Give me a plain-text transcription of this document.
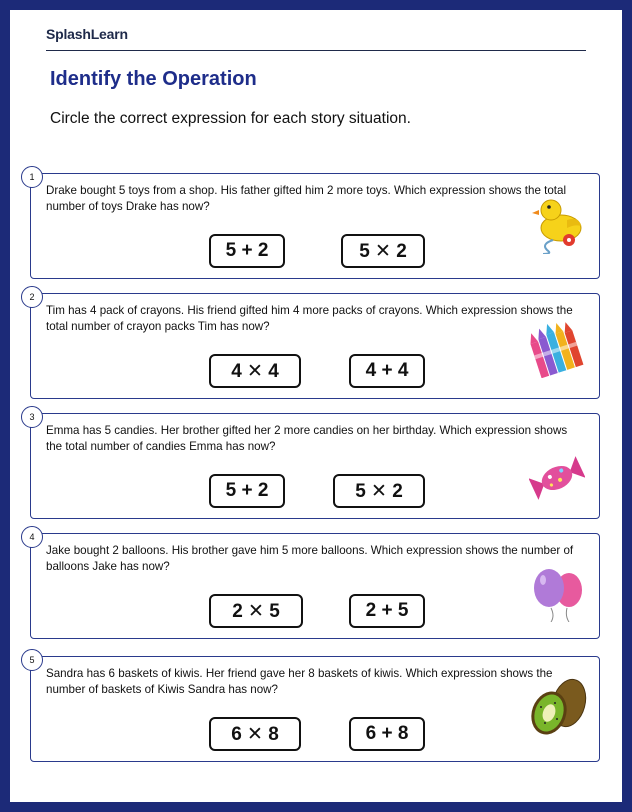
SplashLearn
Identify the Operation
Circle the correct expression for each story situation.
1
Drake bought 5 toys from a shop. His father gifted him 2 more toys. Which expression shows the total number of toys Drake has now?
5 + 2	5 ✕ 2
2
Tim has 4 pack of crayons. His friend gifted him 4 more packs of crayons. Which expression shows the total number of crayon packs Tim has now?
4 ✕ 4	4 + 4
3
Emma has 5 candies. Her brother gifted her 2 more candies on her birthday. Which expression shows the total number of candies Emma has now?
5 + 2	5 ✕ 2
4
Jake bought 2 balloons. His brother gave him 5 more balloons. Which expression shows the number of balloons Jake has now?
2 ✕ 5	2 + 5
5
Sandra has 6 baskets of kiwis. Her friend gave her 8 baskets of kiwis. Which expression shows the number of baskets of Kiwis Sandra has now?
6 ✕ 8	6 + 8
